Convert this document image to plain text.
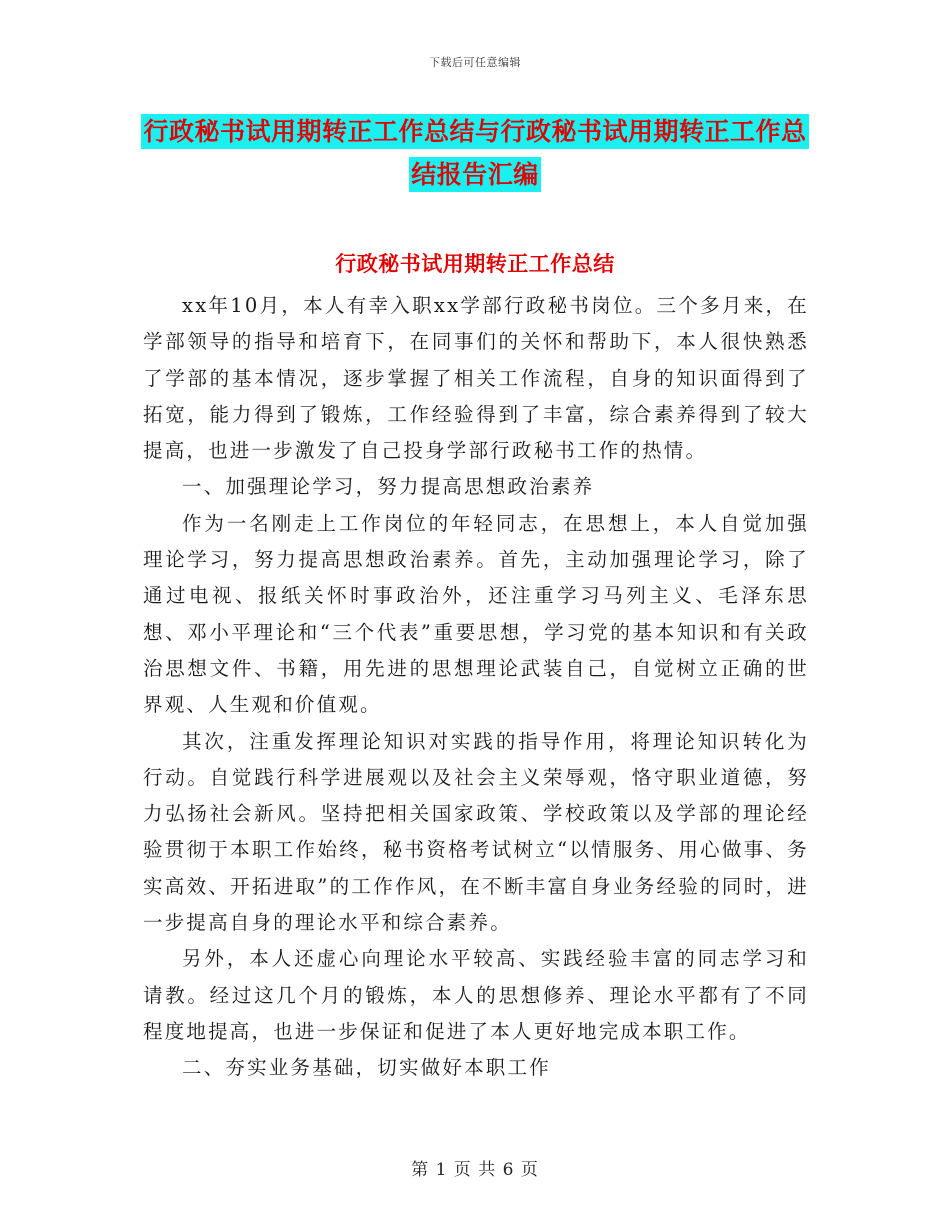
下载后可任意编辑
行政秘书试用期转正工作总结与行政秘书试用期转正工作总结报告汇编
行政秘书试用期转正工作总结

xx年10月，本人有幸入职xx学部行政秘书岗位。三个多月来，在学部领导的指导和培育下，在同事们的关怀和帮助下，本人很快熟悉了学部的基本情况，逐步掌握了相关工作流程，自身的知识面得到了拓宽，能力得到了锻炼，工作经验得到了丰富，综合素养得到了较大提高，也进一步激发了自己投身学部行政秘书工作的热情。

一、加强理论学习，努力提高思想政治素养

作为一名刚走上工作岗位的年轻同志，在思想上，本人自觉加强理论学习，努力提高思想政治素养。首先，主动加强理论学习，除了通过电视、报纸关怀时事政治外，还注重学习马列主义、毛泽东思想、邓小平理论和“三个代表”重要思想，学习党的基本知识和有关政治思想文件、书籍，用先进的思想理论武装自己，自觉树立正确的世界观、人生观和价值观。

其次，注重发挥理论知识对实践的指导作用，将理论知识转化为行动。自觉践行科学进展观以及社会主义荣辱观，恪守职业道德，努力弘扬社会新风。坚持把相关国家政策、学校政策以及学部的理论经验贯彻于本职工作始终，秘书资格考试树立“以情服务、用心做事、务实高效、开拓进取”的工作作风，在不断丰富自身业务经验的同时，进一步提高自身的理论水平和综合素养。

另外，本人还虚心向理论水平较高、实践经验丰富的同志学习和请教。经过这几个月的锻炼，本人的思想修养、理论水平都有了不同程度地提高，也进一步保证和促进了本人更好地完成本职工作。

二、夯实业务基础，切实做好本职工作

第 1 页 共 6 页
